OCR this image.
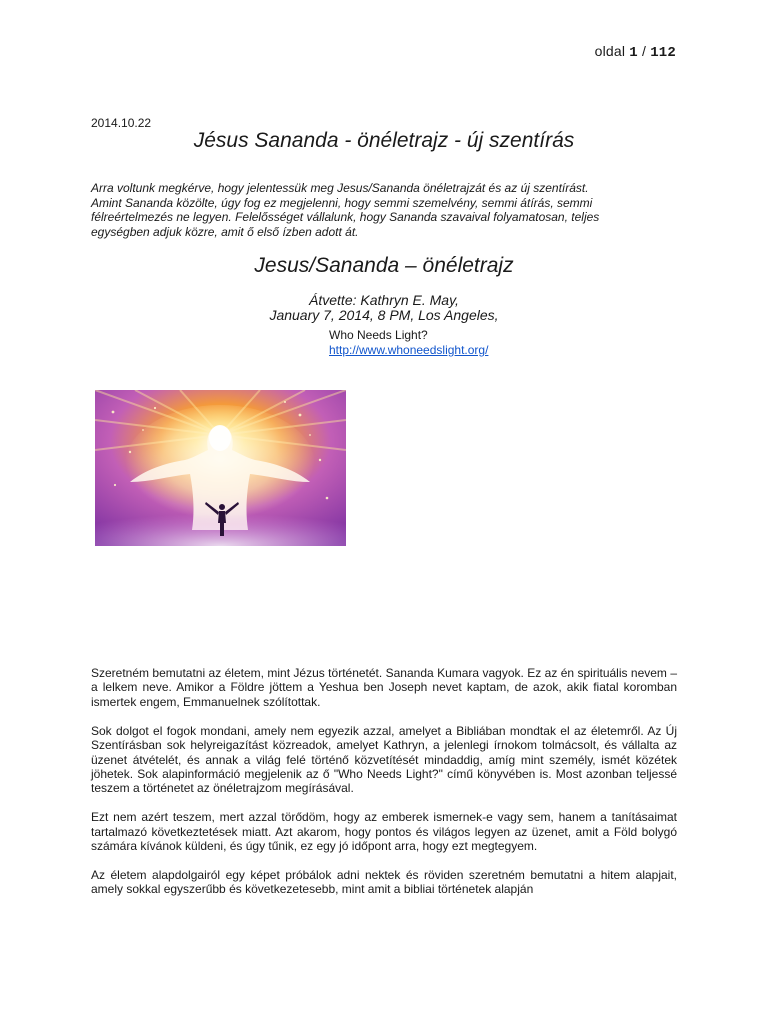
oldal 1 / 112
2014.10.22
Jésus Sananda - önéletrajz - új szentírás
Arra voltunk megkérve, hogy jelentessük meg Jesus/Sananda önéletrajzát és az új szentírást.
Amint Sananda közölte, úgy fog ez megjelenni, hogy semmi szemelvény, semmi átírás, semmi
félreértelmezés ne legyen. Felelősséget vállalunk, hogy Sananda szavaival folyamatosan, teljes
egységben adjuk közre, amit ő első ízben adott át.
Jesus/Sananda – önéletrajz
Átvette: Kathryn E. May,
January 7, 2014, 8 PM, Los Angeles,
Who Needs Light?
http://www.whoneedslight.org/

Szeretném bemutatni az életem, mint Jézus történetét. Sananda Kumara vagyok. Ez az én spirituális nevem – a lelkem neve. Amikor a Földre jöttem a Yeshua ben Joseph nevet kaptam, de azok, akik fiatal koromban ismertek engem, Emmanuelnek szólítottak.

Sok dolgot el fogok mondani, amely nem egyezik azzal, amelyet a Bibliában mondtak el az életemről. Az Új Szentírásban sok helyreigazítást közreadok, amelyet Kathryn, a jelenlegi írnokom tolmácsolt, és vállalta az üzenet átvételét, és annak a világ felé történő közvetítését mindaddig, amíg mint személy, ismét közétek jöhetek. Sok alapinformáció megjelenik az ő "Who Needs Light?" című könyvében is. Most azonban teljessé teszem a történetet az önéletrajzom megírásával.

Ezt nem azért teszem, mert azzal törődöm, hogy az emberek ismernek-e vagy sem, hanem a tanításaimat tartalmazó következtetések miatt. Azt akarom, hogy pontos és világos legyen az üzenet, amit a Föld bolygó számára kívánok küldeni, és úgy tűnik, ez egy jó időpont arra, hogy ezt megtegyem.

Az életem alapdolgairól egy képet próbálok adni nektek és röviden szeretném bemutatni a hitem alapjait, amely sokkal egyszerűbb és következetesebb, mint amit a bibliai történetek alapján
